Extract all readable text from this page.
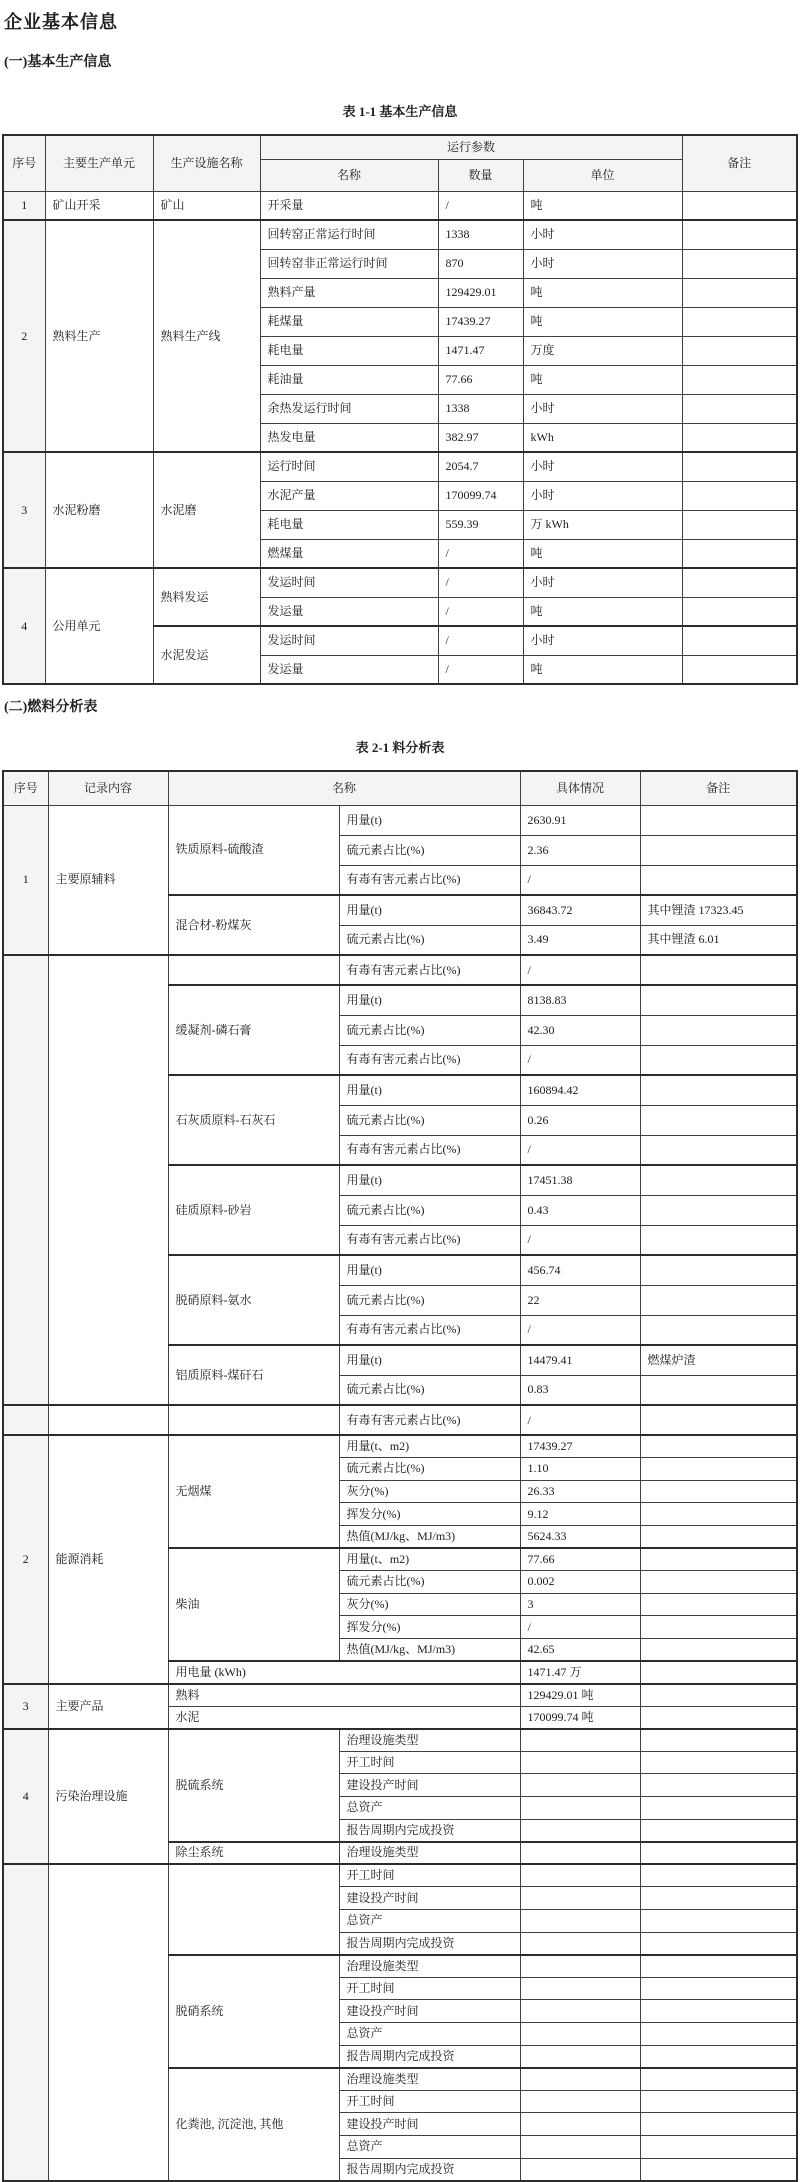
企业基本信息
(一)基本生产信息
表 1-1 基本生产信息
序号	主要生产单元	生产设施名称	运行参数			备注
			名称	数量	单位	
1	矿山开采	矿山	开采量	/	吨	
2	熟料生产	熟料生产线	回转窑正常运行时间	1338	小时	
			回转窑非正常运行时间	870	小时	
			熟料产量	129429.01	吨	
			耗煤量	17439.27	吨	
			耗电量	1471.47	万度	
			耗油量	77.66	吨	
			余热发运行时间	1338	小时	
			热发电量	382.97	kWh	
3	水泥粉磨	水泥磨	运行时间	2054.7	小时	
			水泥产量	170099.74	小时	
			耗电量	559.39	万 kWh	
			燃煤量	/	吨	
4	公用单元	熟料发运	发运时间	/	小时	
			发运量	/	吨	
		水泥发运	发运时间	/	小时	
			发运量	/	吨	
(二)燃料分析表
表 2-1 料分析表
序号	记录内容	名称		具体情况	备注
1	主要原辅料	铁质原料-硫酸渣	用量(t)	2630.91	
			硫元素占比(%)	2.36	
			有毒有害元素占比(%)	/	
		混合材-粉煤灰	用量(t)	36843.72	其中锂渣 17323.45
			硫元素占比(%)	3.49	其中锂渣 6.01
			有毒有害元素占比(%)	/	
		缓凝剂-磷石膏	用量(t)	8138.83	
			硫元素占比(%)	42.30	
			有毒有害元素占比(%)	/	
		石灰质原料-石灰石	用量(t)	160894.42	
			硫元素占比(%)	0.26	
			有毒有害元素占比(%)	/	
		硅质原料-砂岩	用量(t)	17451.38	
			硫元素占比(%)	0.43	
			有毒有害元素占比(%)	/	
		脱硝原料-氨水	用量(t)	456.74	
			硫元素占比(%)	22	
			有毒有害元素占比(%)	/	
		铝质原料-煤矸石	用量(t)	14479.41	燃煤炉渣
			硫元素占比(%)	0.83	
			有毒有害元素占比(%)	/	
2	能源消耗	无烟煤	用量(t、m2)	17439.27	
			硫元素占比(%)	1.10	
			灰分(%)	26.33	
			挥发分(%)	9.12	
			热值(MJ/kg、MJ/m3)	5624.33	
		柴油	用量(t、m2)	77.66	
			硫元素占比(%)	0.002	
			灰分(%)	3	
			挥发分(%)	/	
			热值(MJ/kg、MJ/m3)	42.65	
		用电量 (kWh)		1471.47 万	
3	主要产品	熟料		129429.01 吨	
		水泥		170099.74 吨	
4	污染治理设施	脱硫系统	治理设施类型		
			开工时间		
			建设投产时间		
			总资产		
			报告周期内完成投资		
		除尘系统	治理设施类型		
			开工时间		
			建设投产时间		
			总资产		
			报告周期内完成投资		
		脱硝系统	治理设施类型		
			开工时间		
			建设投产时间		
			总资产		
			报告周期内完成投资		
		化粪池, 沉淀池, 其他	治理设施类型		
			开工时间		
			建设投产时间		
			总资产		
			报告周期内完成投资		
